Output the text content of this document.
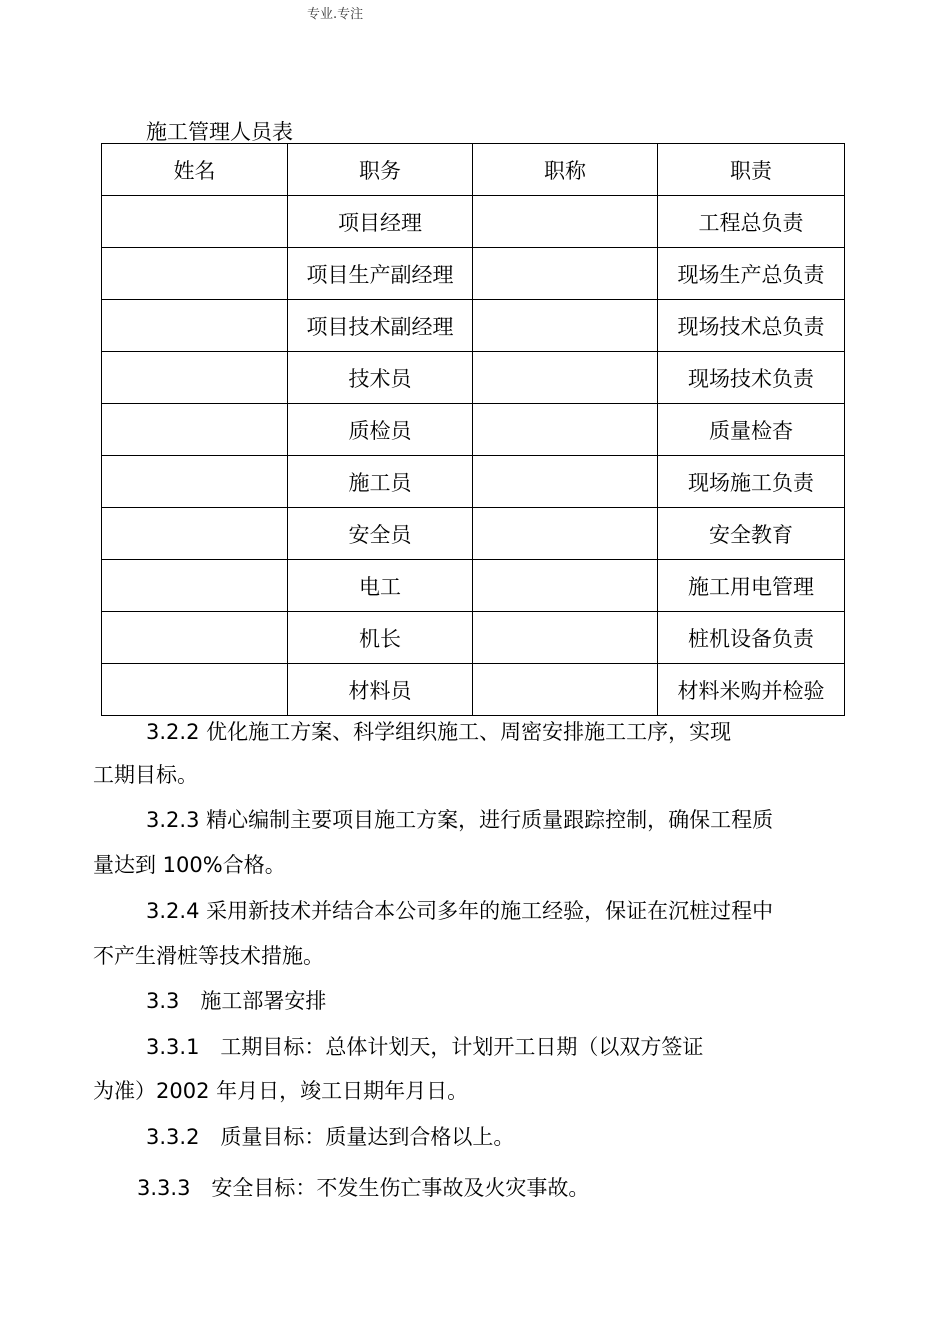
专业.专注
施工管理人员表
姓名	职务	职称	职责
	项目经理		工程总负责
	项目生产副经理		现场生产总负责
	项目技术副经理		现场技术总负责
	技术员		现场技术负责
	质检员		质量检杳
	施工员		现场施工负责
	安全员		安全教育
	电工		施工用电管理
	机长		桩机设备负责
	材料员		材料米购并检验
3.2.2 优化施工方案、科学组织施工、周密安排施工工序，实现
工期目标。
3.2.3 精心编制主要项目施工方案，进行质量跟踪控制，确保工程质
量达到 100%合格。
3.2.4 采用新技术并结合本公司多年的施工经验，保证在沉桩过程中
不产生滑桩等技术措施。
3.3　施工部署安排
3.3.1　工期目标：总体计划天，计划开工日期（以双方签证
为准）2002 年月日，竣工日期年月日。
3.3.2　质量目标：质量达到合格以上。
3.3.3　安全目标：不发生伤亡事故及火灾事故。
